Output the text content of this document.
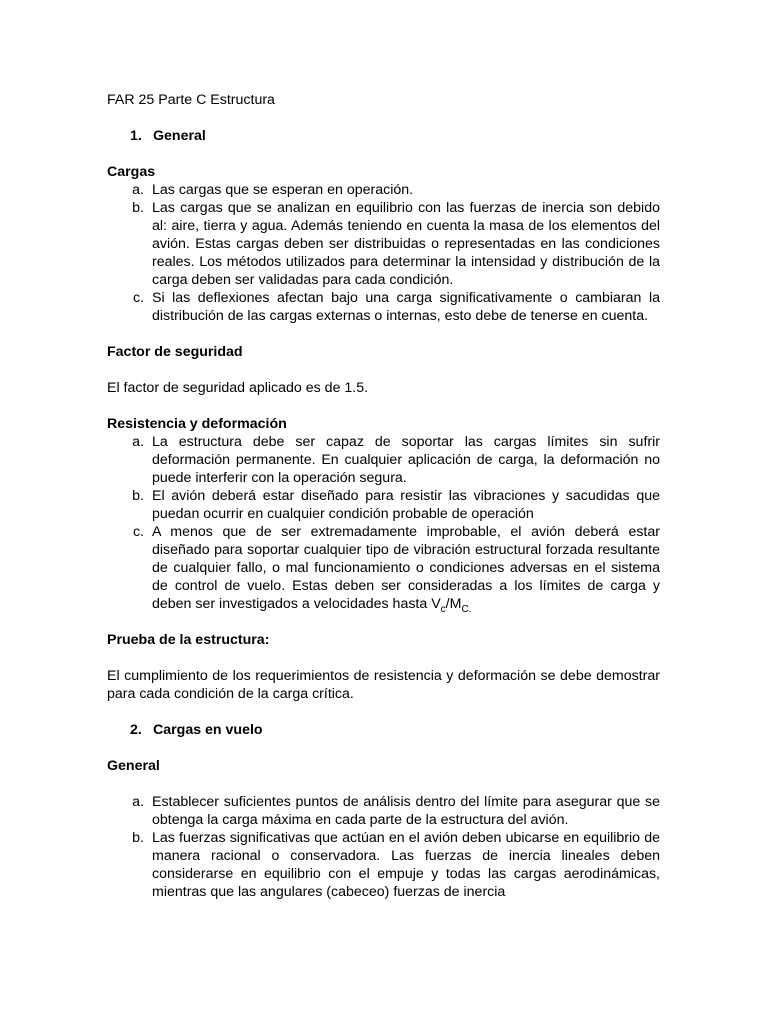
FAR 25 Parte C Estructura

1. General

Cargas

a. Las cargas que se esperan en operación.
b. Las cargas que se analizan en equilibrio con las fuerzas de inercia son debido al: aire, tierra y agua. Además teniendo en cuenta la masa de los elementos del avión. Estas cargas deben ser distribuidas o representadas en las condiciones reales. Los métodos utilizados para determinar la intensidad y distribución de la carga deben ser validadas para cada condición.
c. Si las deflexiones afectan bajo una carga significativamente o cambiaran la distribución de las cargas externas o internas, esto debe de tenerse en cuenta.

Factor de seguridad

El factor de seguridad aplicado es de 1.5.

Resistencia y deformación

a. La estructura debe ser capaz de soportar las cargas límites sin sufrir deformación permanente. En cualquier aplicación de carga, la deformación no puede interferir con la operación segura.
b. El avión deberá estar diseñado para resistir las vibraciones y sacudidas que puedan ocurrir en cualquier condición probable de operación
c. A menos que de ser extremadamente improbable, el avión deberá estar diseñado para soportar cualquier tipo de vibración estructural forzada resultante de cualquier fallo, o mal funcionamiento o condiciones adversas en el sistema de control de vuelo. Estas deben ser consideradas a los límites de carga y deben ser investigados a velocidades hasta $V_c/M_{C.}$

Prueba de la estructura:

El cumplimiento de los requerimientos de resistencia y deformación se debe demostrar para cada condición de la carga crítica.

2. Cargas en vuelo

General

a. Establecer suficientes puntos de análisis dentro del límite para asegurar que se obtenga la carga máxima en cada parte de la estructura del avión.
b. Las fuerzas significativas que actúan en el avión deben ubicarse en equilibrio de manera racional o conservadora. Las fuerzas de inercia lineales deben considerarse en equilibrio con el empuje y todas las cargas aerodinámicas, mientras que las angulares (cabeceo) fuerzas de inercia
